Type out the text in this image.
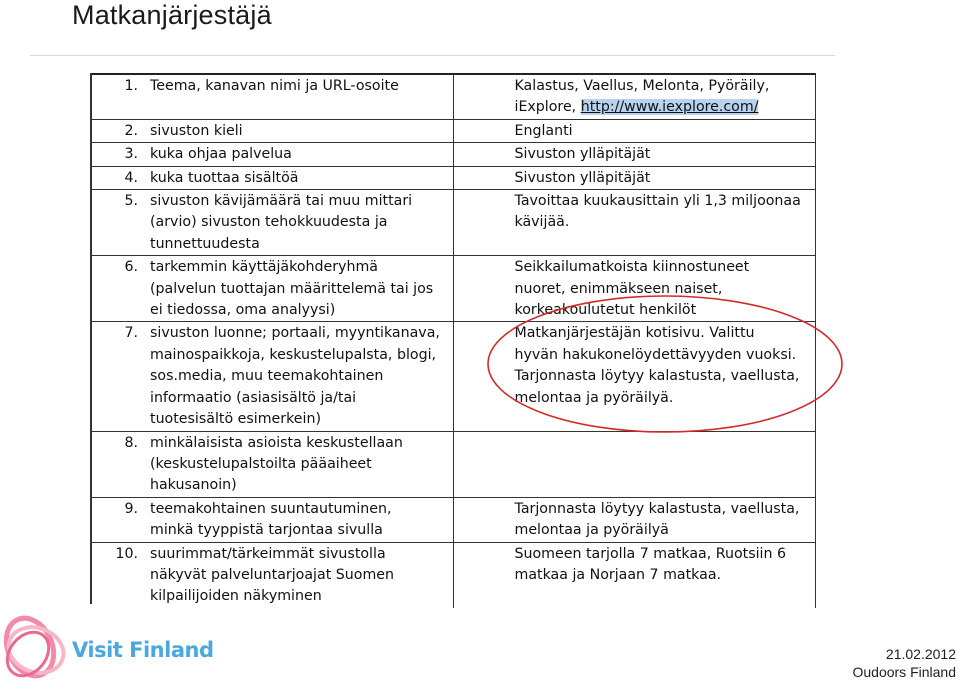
Matkanjärjestäjä
1.	Teema, kanavan nimi ja URL-osoite	Kalastus, Vaellus, Melonta, Pyöräily,
iExplore, http://www.iexplore.com/

2.	sivuston kieli	Englanti

3.	kuka ohjaa palvelua	Sivuston ylläpitäjät

4.	kuka tuottaa sisältöä	Sivuston ylläpitäjät

5.	sivuston kävijämäärä tai muu mittari
(arvio) sivuston tehokkuudesta ja
tunnettuudesta	Tavoittaa kuukausittain yli 1,3 miljoonaa
kävijää.

6.	tarkemmin käyttäjäkohderyhmä
(palvelun tuottajan määrittelemä tai jos
ei tiedossa, oma analyysi)	Seikkailumatkoista kiinnostuneet
nuoret, enimmäkseen naiset,
korkeakoulutetut henkilöt

7.	sivuston luonne; portaali, myyntikanava,
mainospaikkoja, keskustelupalsta, blogi,
sos.media, muu teemakohtainen
informaatio (asiasisältö ja/tai
tuotesisältö esimerkein)	Matkanjärjestäjän kotisivu. Valittu
hyvän hakukonelöydettävyyden vuoksi.
Tarjonnasta löytyy kalastusta, vaellusta,
melontaa ja pyöräilyä.

8.	minkälaisista asioista keskustellaan
(keskustelupalstoilta pääaiheet
hakusanoin)	

9.	teemakohtainen suuntautuminen,
minkä tyyppistä tarjontaa sivulla	Tarjonnasta löytyy kalastusta, vaellusta,
melontaa ja pyöräilyä

10.	suurimmat/tärkeimmät sivustolla
näkyvät palveluntarjoajat Suomen
kilpailijoiden näkyminen	Suomeen tarjolla 7 matkaa, Ruotsiin 6
matkaa ja Norjaan 7 matkaa.
Visit Finland	21.02.2012
Oudoors Finland
